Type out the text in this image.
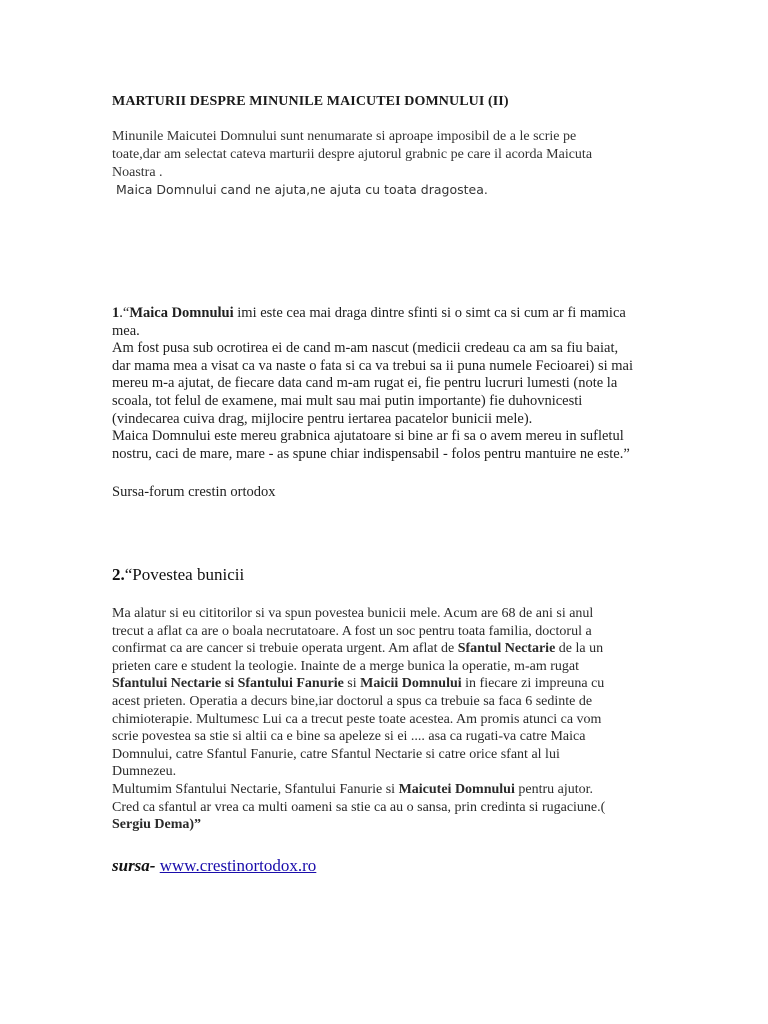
MARTURII DESPRE MINUNILE MAICUTEI DOMNULUI (II)
Minunile Maicutei Domnului sunt nenumarate si aproape imposibil de a le scrie pe
toate,dar am selectat cateva marturii despre ajutorul grabnic pe care il acorda Maicuta
Noastra .
Maica Domnului cand ne ajuta,ne ajuta cu toata dragostea.
1.“Maica Domnului imi este cea mai draga dintre sfinti si o simt ca si cum ar fi mamica
mea.
Am fost pusa sub ocrotirea ei de cand m-am nascut (medicii credeau ca am sa fiu baiat,
dar mama mea a visat ca va naste o fata si ca va trebui sa ii puna numele Fecioarei) si mai
mereu m-a ajutat, de fiecare data cand m-am rugat ei, fie pentru lucruri lumesti (note la
scoala, tot felul de examene, mai mult sau mai putin importante) fie duhovnicesti
(vindecarea cuiva drag, mijlocire pentru iertarea pacatelor bunicii mele).
Maica Domnului este mereu grabnica ajutatoare si bine ar fi sa o avem mereu in sufletul
nostru, caci de mare, mare - as spune chiar indispensabil - folos pentru mantuire ne este.”
Sursa-forum crestin ortodox
2.“Povestea bunicii
Ma alatur si eu cititorilor si va spun povestea bunicii mele. Acum are 68 de ani si anul
trecut a aflat ca are o boala necrutatoare. A fost un soc pentru toata familia, doctorul a
confirmat ca are cancer si trebuie operata urgent. Am aflat de Sfantul Nectarie de la un
prieten care e student la teologie. Inainte de a merge bunica la operatie, m-am rugat
Sfantului Nectarie si Sfantului Fanurie si Maicii Domnului in fiecare zi impreuna cu
acest prieten. Operatia a decurs bine,iar doctorul a spus ca trebuie sa faca 6 sedinte de
chimioterapie. Multumesc Lui ca a trecut peste toate acestea. Am promis atunci ca vom
scrie povestea sa stie si altii ca e bine sa apeleze si ei .... asa ca rugati-va catre Maica
Domnului, catre Sfantul Fanurie, catre Sfantul Nectarie si catre orice sfant al lui
Dumnezeu.
Multumim Sfantului Nectarie, Sfantului Fanurie si Maicutei Domnului pentru ajutor.
Cred ca sfantul ar vrea ca multi oameni sa stie ca au o sansa, prin credinta si rugaciune.(
Sergiu Dema)”
sursa- www.crestinortodox.ro
